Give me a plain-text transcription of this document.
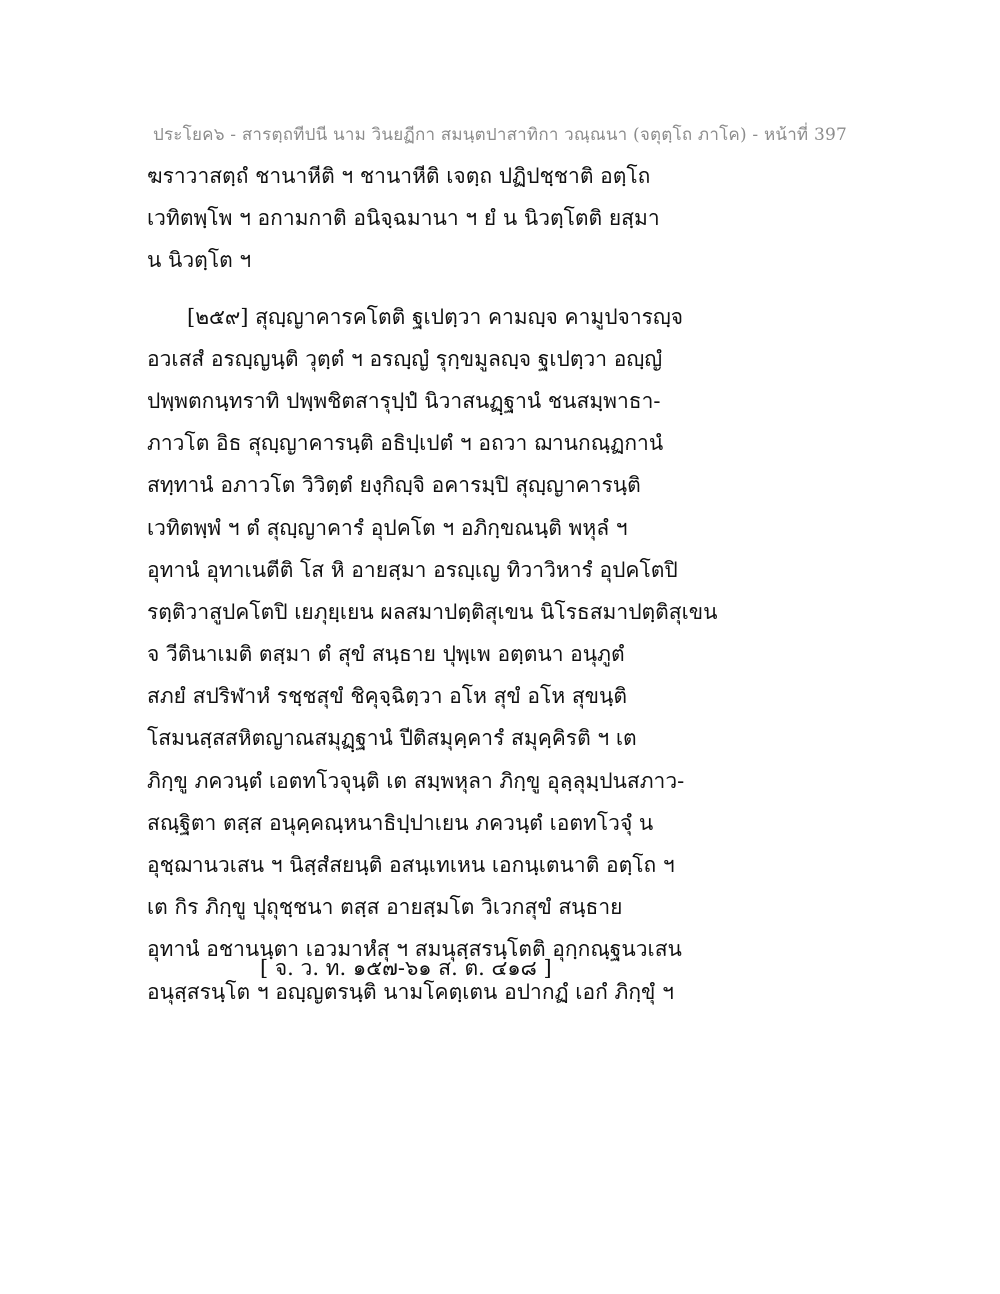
ประโยค๖ - สารตฺถทีปนี นาม วินยฏีกา สมนฺตปาสาทิกา วณฺณนา (จตุตฺโถ ภาโค) - หน้าที่ 397
ฆราวาสตฺถํ ชานาหีติ ฯ ชานาหีติ เจตฺถ ปฏิปชฺชาติ อตฺโถ
เวทิตพฺโพ ฯ อกามกาติ อนิจฺฉมานา ฯ ยํ น นิวตฺโตติ ยสฺมา
น นิวตฺโต ฯ
[๒๕๙] สุญฺญาคารคโตติ ฐเปตฺวา คามญฺจ คามูปจารญฺจ
อวเสสํ อรญฺญนฺติ วุตฺตํ ฯ อรญฺญํ รุกฺขมูลญฺจ ฐเปตฺวา อญฺญํ
ปพฺพตกนฺทราทิ ปพฺพชิตสารุปฺปํ นิวาสนฏฺฐานํ ชนสมฺพาธา-
ภาวโต อิธ สุญฺญาคารนฺติ อธิปฺเปตํ ฯ อถวา ฌานกณฺฏกานํ
สทฺทานํ อภาวโต วิวิตฺตํ ยงฺกิญฺจิ อคารมฺปิ สุญฺญาคารนฺติ
เวทิตพฺพํ ฯ ตํ สุญฺญาคารํ อุปคโต ฯ อภิกฺขณนฺติ พหุลํ ฯ
อุทานํ อุทาเนตีติ โส หิ อายสฺมา อรญฺเญ ทิวาวิหารํ อุปคโตปิ
รตฺติวาสูปคโตปิ เยภุยฺเยน ผลสมาปตฺติสุเขน นิโรธสมาปตฺติสุเขน
จ วีตินาเมติ ตสฺมา ตํ สุขํ สนฺธาย ปุพฺเพ อตฺตนา อนุภูตํ
สภยํ สปริฬาหํ รชฺชสุขํ ชิคุจฺฉิตฺวา อโห สุขํ อโห สุขนฺติ
โสมนสฺสสหิตญาณสมุฏฺฐานํ ปีติสมุคฺคารํ สมุคฺคิรติ ฯ เต
ภิกฺขู ภควนฺตํ เอตทโวจุนฺติ เต สมฺพหุลา ภิกฺขู อุลฺลุมฺปนสภาว-
สณฺฐิตา ตสฺส อนุคฺคณฺหนาธิปฺปาเยน ภควนฺตํ เอตทโวจุํ น
อุชฺฌานวเสน ฯ นิสฺสํสยนฺติ อสนฺเทเหน เอกนฺเตนาติ อตฺโถ ฯ
เต กิร ภิกฺขู ปุถุชฺชนา ตสฺส อายสฺมโต วิเวกสุขํ สนฺธาย
อุทานํ อชานนฺตา เอวมาหํสุ ฯ สมนุสฺสรนฺโตติ อุกฺกณฺฐนวเสน
อนุสฺสรนฺโต ฯ อญฺญตรนฺติ นามโคตฺเตน อปากฏํ เอกํ ภิกฺขุํ ฯ
[ จ. ว. ท. ๑๕๗-๖๑ ส. ต. ๔๑๘ ]
